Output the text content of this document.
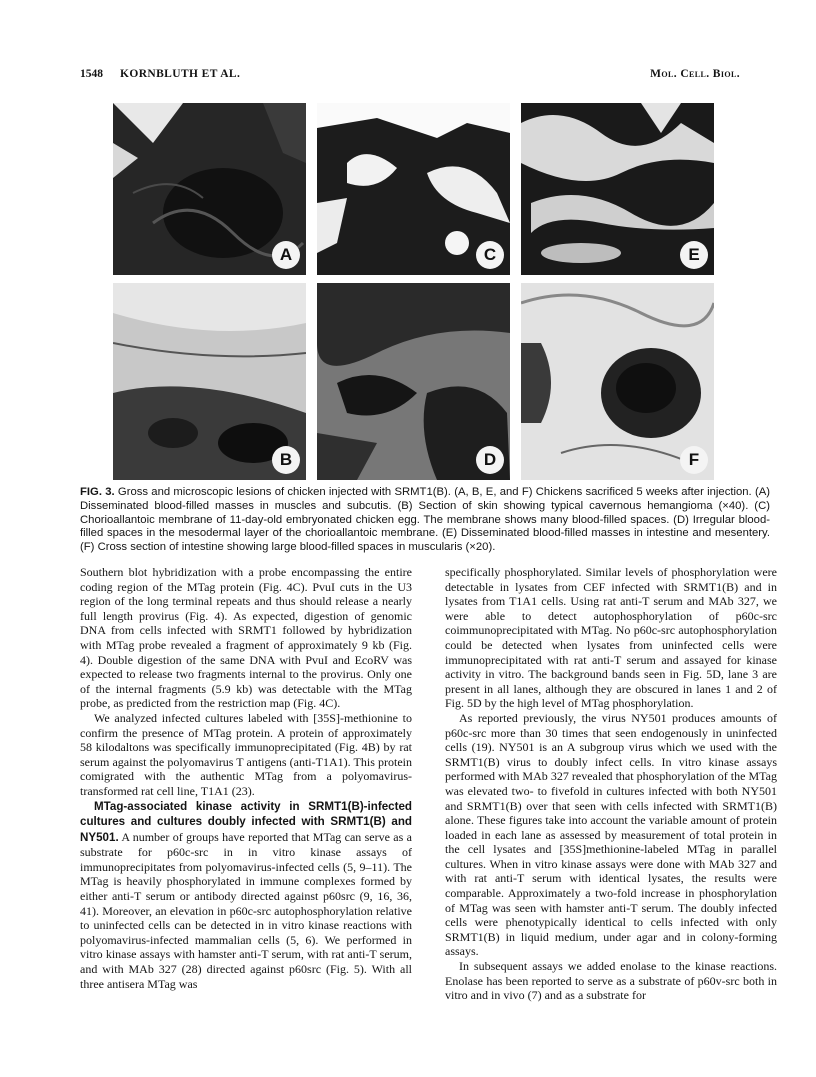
1548 KORNBLUTH ET AL.	Mol. Cell. Biol.
A	C	E
B	D	F
FIG. 3. Gross and microscopic lesions of chicken injected with SRMT1(B). (A, B, E, and F) Chickens sacrificed 5 weeks after injection. (A) Disseminated blood-filled masses in muscles and subcutis. (B) Section of skin showing typical cavernous hemangioma (×40). (C) Chorioallantoic membrane of 11-day-old embryonated chicken egg. The membrane shows many blood-filled spaces. (D) Irregular blood-filled spaces in the mesodermal layer of the chorioallantoic membrane. (E) Disseminated blood-filled masses in intestine and mesentery. (F) Cross section of intestine showing large blood-filled spaces in muscularis (×20).

Southern blot hybridization with a probe encompassing the entire coding region of the MTag protein (Fig. 4C). PvuI cuts in the U3 region of the long terminal repeats and thus should release a nearly full length provirus (Fig. 4). As expected, digestion of genomic DNA from cells infected with SRMT1 followed by hybridization with MTag probe revealed a fragment of approximately 9 kb (Fig. 4). Double digestion of the same DNA with PvuI and EcoRV was expected to release two fragments internal to the provirus. Only one of the internal fragments (5.9 kb) was detectable with the MTag probe, as predicted from the restriction map (Fig. 4C).

We analyzed infected cultures labeled with [35S]-methionine to confirm the presence of MTag protein. A protein of approximately 58 kilodaltons was specifically immunoprecipitated (Fig. 4B) by rat serum against the polyomavirus T antigens (anti-T1A1). This protein comigrated with the authentic MTag from a polyomavirus-transformed rat cell line, T1A1 (23).

MTag-associated kinase activity in SRMT1(B)-infected cultures and cultures doubly infected with SRMT1(B) and NY501. A number of groups have reported that MTag can serve as a substrate for p60c-src in in vitro kinase assays of immunoprecipitates from polyomavirus-infected cells (5, 9–11). The MTag is heavily phosphorylated in immune complexes formed by either anti-T serum or antibody directed against p60src (9, 16, 36, 41). Moreover, an elevation in p60c-src autophosphorylation relative to uninfected cells can be detected in in vitro kinase reactions with polyomavirus-infected mammalian cells (5, 6). We performed in vitro kinase assays with hamster anti-T serum, with rat anti-T serum, and with MAb 327 (28) directed against p60src (Fig. 5). With all three antisera MTag was

specifically phosphorylated. Similar levels of phosphorylation were detectable in lysates from CEF infected with SRMT1(B) and in lysates from T1A1 cells. Using rat anti-T serum and MAb 327, we were able to detect autophosphorylation of p60c-src coimmunoprecipitated with MTag. No p60c-src autophosphorylation could be detected when lysates from uninfected cells were immunoprecipitated with rat anti-T serum and assayed for kinase activity in vitro. The background bands seen in Fig. 5D, lane 3 are present in all lanes, although they are obscured in lanes 1 and 2 of Fig. 5D by the high level of MTag phosphorylation.

As reported previously, the virus NY501 produces amounts of p60c-src more than 30 times that seen endogenously in uninfected cells (19). NY501 is an A subgroup virus which we used with the SRMT1(B) virus to doubly infect cells. In vitro kinase assays performed with MAb 327 revealed that phosphorylation of the MTag was elevated two- to fivefold in cultures infected with both NY501 and SRMT1(B) over that seen with cells infected with SRMT1(B) alone. These figures take into account the variable amount of protein loaded in each lane as assessed by measurement of total protein in the cell lysates and [35S]methionine-labeled MTag in parallel cultures. When in vitro kinase assays were done with MAb 327 and with rat anti-T serum with identical lysates, the results were comparable. Approximately a two-fold increase in phosphorylation of MTag was seen with hamster anti-T serum. The doubly infected cells were phenotypically identical to cells infected with only SRMT1(B) in liquid medium, under agar and in colony-forming assays.

In subsequent assays we added enolase to the kinase reactions. Enolase has been reported to serve as a substrate of p60v-src both in vitro and in vivo (7) and as a substrate for
